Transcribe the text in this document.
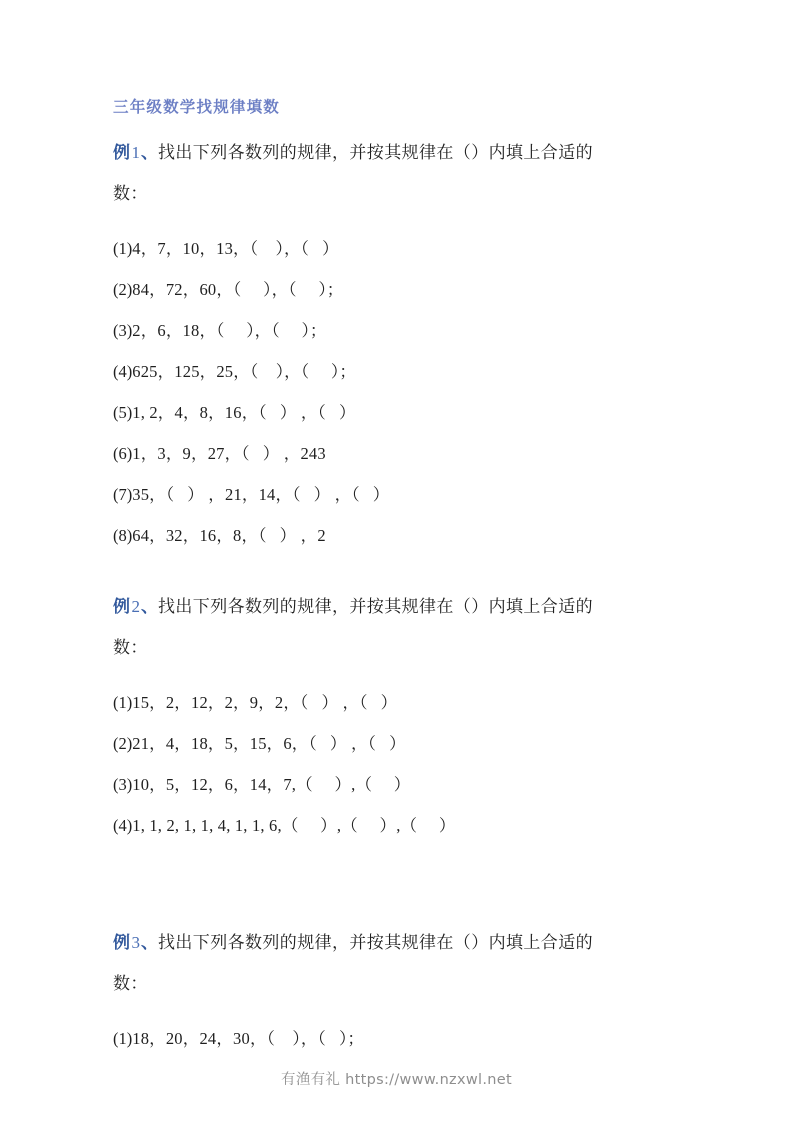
三年级数学找规律填数

例1、找出下列各数列的规律，并按其规律在（）内填上合适的
数：

(1)4，7，10，13，（    ），（   ）
(2)84，72，60，（     ），（     ）；
(3)2，6，18，（     ），（     ）；
(4)625，125，25，（    ），（     ）；
(5)1, 2，4，8，16，（   ） ，（   ）
(6)1，3，9，27，（   ） ，243
(7)35，（   ） ，21，14，（   ） ，（   ）
(8)64，32，16，8，（   ） ，2

例2、找出下列各数列的规律，并按其规律在（）内填上合适的
数：

(1)15，2，12，2，9，2，（   ） ，（   ）
(2)21，4，18，5，15，6，（   ） ，（   ）
(3)10，5，12，6，14，7,（     ）,（     ）
(4)1, 1, 2, 1, 1, 4, 1, 1, 6,（     ）,（     ）,（     ）

例3、找出下列各数列的规律，并按其规律在（）内填上合适的
数：

(1)18，20，24，30，（    ），（   ）；
有渔有礼 https://www.nzxwl.net
